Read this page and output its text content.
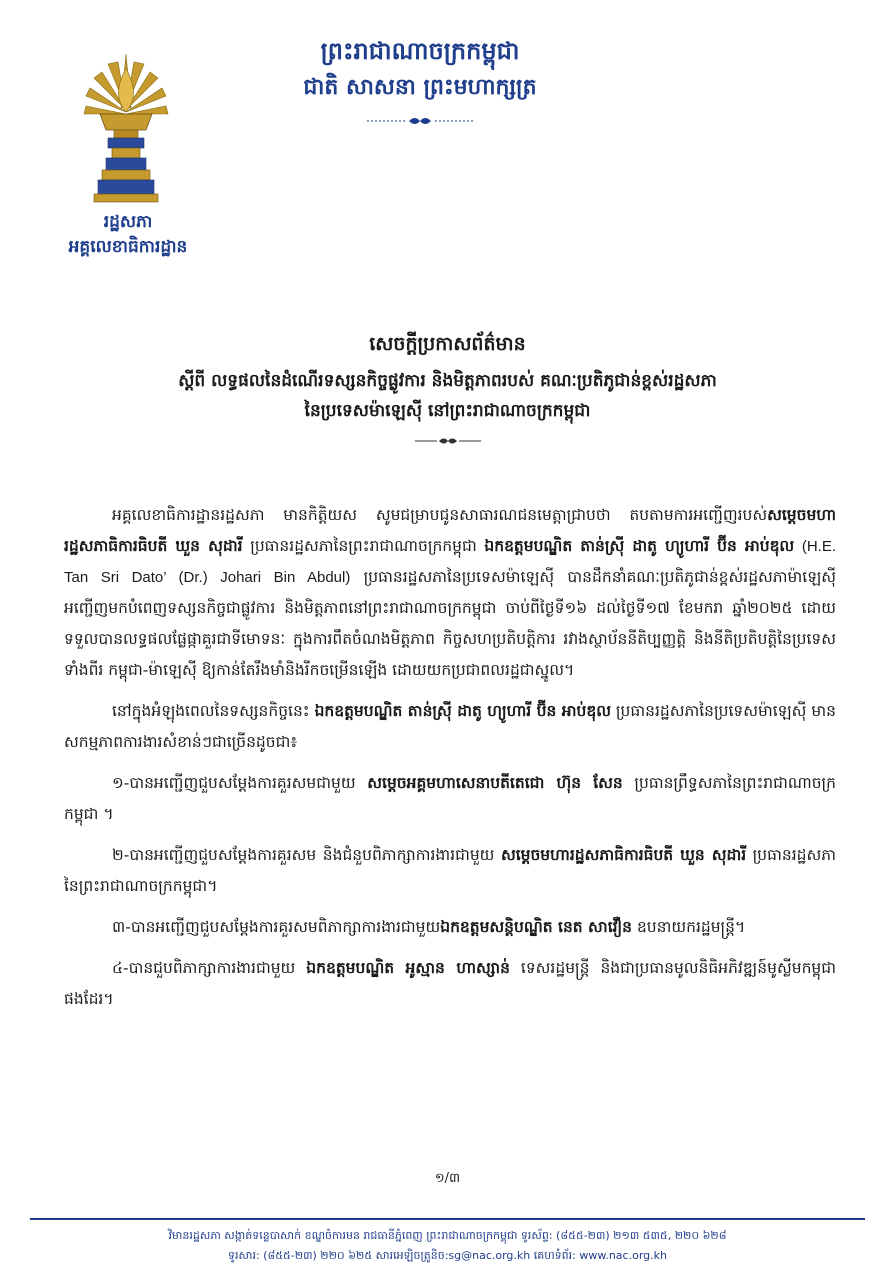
រដ្ឋសភា
អគ្គលេខាធិការដ្ឋាន
ព្រះរាជាណាចក្រកម្ពុជា
ជាតិ សាសនា ព្រះមហាក្សត្រ
សេចក្តីប្រកាសព័ត៌មាន
ស្តីពី លទ្ធផលនៃដំណើរទស្សនកិច្ចផ្លូវការ និងមិត្តភាពរបស់ គណៈប្រតិភូជាន់ខ្ពស់រដ្ឋសភា
នៃប្រទេសម៉ាឡេស៊ី នៅព្រះរាជាណាចក្រកម្ពុជា

អគ្គលេខាធិការដ្ឋានរដ្ឋសភា មានកិត្តិយស សូមជម្រាបជូនសាធារណជនមេត្តាជ្រាបថា តបតាមការអញ្ជើញរបស់សម្តេចមហារដ្ឋសភាធិការធិបតី ឃួន សុដារី ប្រធានរដ្ឋសភានៃព្រះរាជាណាចក្រកម្ពុជា ឯកឧត្តមបណ្ឌិត តាន់ស្រ៊ី ដាតូ ហ្យូហារី ប៊ីន អាប់ឌុល (H.E. Tan Sri Dato’ (Dr.) Johari Bin Abdul) ប្រធានរដ្ឋសភានៃប្រទេសម៉ាឡេស៊ី បានដឹកនាំគណៈប្រតិភូជាន់ខ្ពស់រដ្ឋសភាម៉ាឡេស៊ី អញ្ជើញមកបំពេញទស្សនកិច្ចជាផ្លូវការ និងមិត្តភាពនៅព្រះរាជាណាចក្រកម្ពុជា ចាប់ពីថ្ងៃទី១៦ ដល់ថ្ងៃទី១៧ ខែមករា ឆ្នាំ២០២៥ ដោយទទួលបានលទ្ធផលផ្លែផ្កាគួរជាទីមោទនៈ ក្នុងការពឹតចំណងមិត្តភាព កិច្ចសហប្រតិបត្តិការ រវាងស្ថាប័ននីតិប្បញ្ញត្តិ និងនីតិប្រតិបត្តិនៃប្រទេសទាំងពីរ កម្ពុជា-ម៉ាឡេស៊ី ឱ្យកាន់តែរឹងមាំនិងរីកចម្រើនឡើង ដោយយកប្រជាពលរដ្ឋជាស្នូល។

នៅក្នុងអំឡុងពេលនៃទស្សនកិច្ចនេះ ឯកឧត្តមបណ្ឌិត តាន់ស្រ៊ី ដាតូ ហ្យូហារី ប៊ីន អាប់ឌុល ប្រធានរដ្ឋសភានៃប្រទេសម៉ាឡេស៊ី មានសកម្មភាពការងារសំខាន់ៗជាច្រើនដូចជា៖

១-បានអញ្ជើញជួបសម្តែងការគួរសមជាមួយ សម្តេចអគ្គមហាសេនាបតីតេជោ ហ៊ុន សែន ប្រធានព្រឹទ្ធសភានៃព្រះរាជាណាចក្រកម្ពុជា ។

២-បានអញ្ជើញជួបសម្តែងការគួរសម និងជំនួបពិភាក្សាការងារជាមួយ សម្តេចមហារដ្ឋសភាធិការធិបតី ឃួន សុដារី ប្រធានរដ្ឋសភានៃព្រះរាជាណាចក្រកម្ពុជា។

៣-បានអញ្ជើញជួបសម្តែងការគួរសមពិភាក្សាការងារជាមួយឯកឧត្តមសន្តិបណ្ឌិត នេត សាវឿន ឧបនាយករដ្ឋមន្ត្រី។

៤-បានជួបពិភាក្សាការងារជាមួយ ឯកឧត្តមបណ្ឌិត អូស្មាន ហាស្សាន់ ទេសរដ្ឋមន្ត្រី និងជាប្រធានមូលនិធិអភិវឌ្ឍន៍មូស្លីមកម្ពុជា ផងដែរ។

១/៣
វិមានរដ្ឋសភា សង្កាត់ទន្លេបាសាក់ ខណ្ឌចំការមន រាជធានីភ្នំពេញ ព្រះរាជាណាចក្រកម្ពុជា ទូរស័ព្ទ: (៨៥៥-២៣) ២១៣ ៥៣៥, ២២០ ៦២៨
ទូរសារ: (៨៥៥-២៣) ២២០ ៦២៥ សារអេឡិចត្រូនិច:sg@nac.org.kh គេហទំព័រ: www.nac.org.kh
